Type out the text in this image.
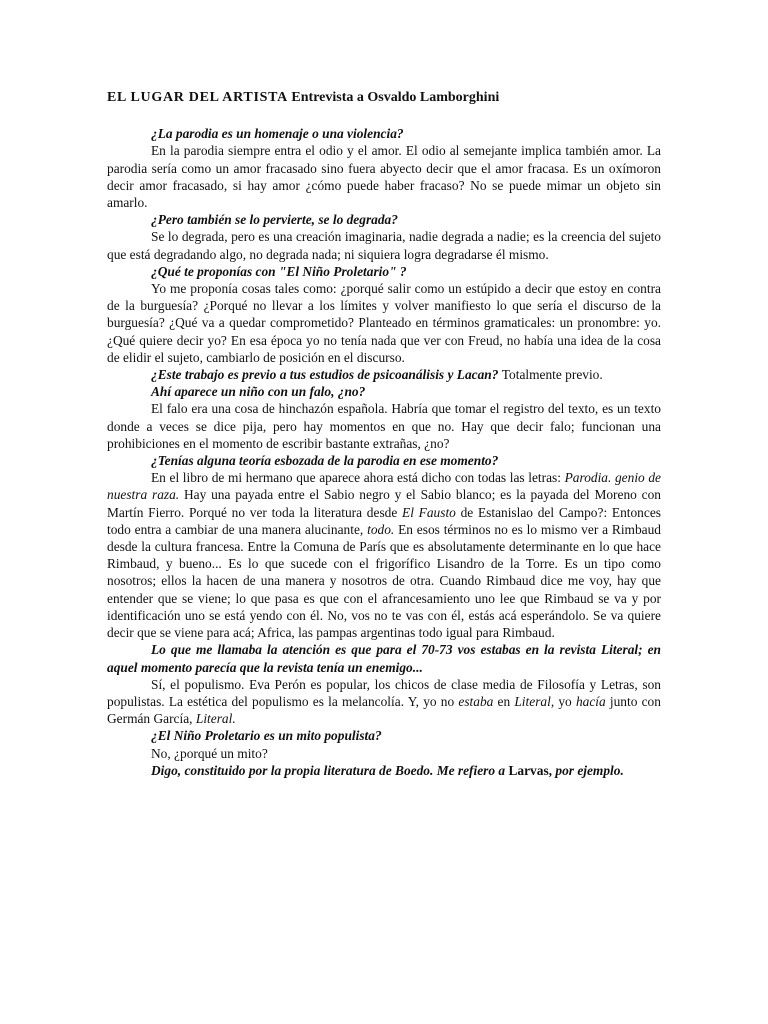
EL LUGAR DEL ARTISTA Entrevista a Osvaldo Lamborghini

¿La parodia es un homenaje o una violencia?

En la parodia siempre entra el odio y el amor. El odio al semejante implica también amor. La parodia sería como un amor fracasado sino fuera abyecto decir que el amor fracasa. Es un oxímoron decir amor fracasado, si hay amor ¿cómo puede haber fracaso? No se puede mimar un objeto sin amarlo.

¿Pero también se lo pervierte, se lo degrada?

Se lo degrada, pero es una creación imaginaria, nadie degrada a nadie; es la creencia del sujeto que está degradando algo, no degrada nada; ni siquiera logra degradarse él mismo.

¿Qué te proponías con "El Niño Proletario" ?

Yo me proponía cosas tales como: ¿porqué salir como un estúpido a decir que estoy en contra de la burguesía? ¿Porqué no llevar a los límites y volver manifiesto lo que sería el discurso de la burguesía? ¿Qué va a quedar comprometido? Planteado en términos gramaticales: un pronombre: yo. ¿Qué quiere decir yo? En esa época yo no tenía nada que ver con Freud, no había una idea de la cosa de elidir el sujeto, cambiarlo de posición en el discurso.

¿Este trabajo es previo a tus estudios de psicoanálisis y Lacan? Totalmente previo.

Ahí aparece un niño con un falo, ¿no?

El falo era una cosa de hinchazón española. Habría que tomar el registro del texto, es un texto donde a veces se dice pija, pero hay momentos en que no. Hay que decir falo; funcionan una prohibiciones en el momento de escribir bastante extrañas, ¿no?

¿Tenías alguna teoría esbozada de la parodia en ese momento?

En el libro de mi hermano que aparece ahora está dicho con todas las letras: Parodia. genio de nuestra raza. Hay una payada entre el Sabio negro y el Sabio blanco; es la payada del Moreno con Martín Fierro. Porqué no ver toda la literatura desde El Fausto de Estanislao del Campo?: Entonces todo entra a cambiar de una manera alucinante, todo. En esos términos no es lo mismo ver a Rimbaud desde la cultura francesa. Entre la Comuna de París que es absolutamente determinante en lo que hace Rimbaud, y bueno... Es lo que sucede con el frigorífico Lisandro de la Torre. Es un tipo como nosotros; ellos la hacen de una manera y nosotros de otra. Cuando Rimbaud dice me voy, hay que entender que se viene; lo que pasa es que con el afrancesamiento uno lee que Rimbaud se va y por identificación uno se está yendo con él. No, vos no te vas con él, estás acá esperándolo. Se va quiere decir que se viene para acá; Africa, las pampas argentinas todo igual para Rimbaud.

Lo que me llamaba la atención es que para el 70-73 vos estabas en la revista Literal; en aquel momento parecía que la revista tenía un enemigo...

Sí, el populismo. Eva Perón es popular, los chicos de clase media de Filosofía y Letras, son populistas. La estética del populismo es la melancolía. Y, yo no estaba en Literal, yo hacía junto con Germán García, Literal.

¿El Niño Proletario es un mito populista?

No, ¿porqué un mito?

Digo, constituido por la propia literatura de Boedo. Me refiero a Larvas, por ejemplo.
